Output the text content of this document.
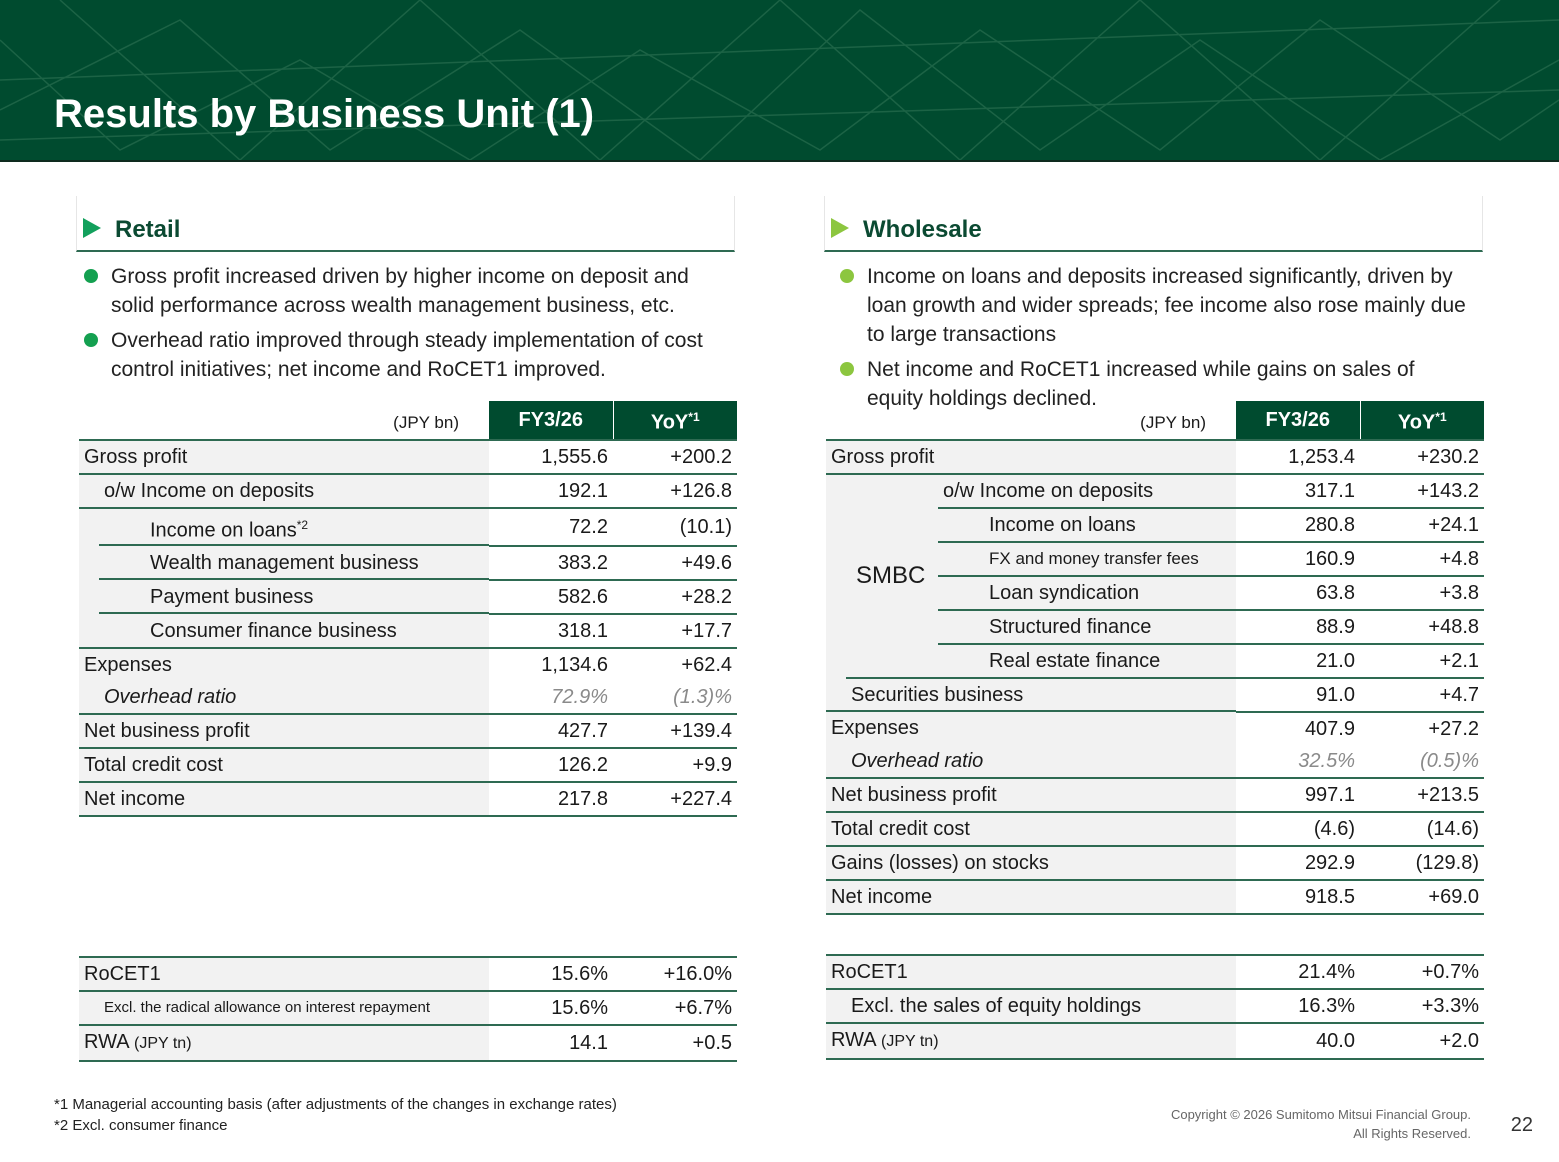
Results by Business Unit (1)
Retail
Gross profit increased driven by higher income on deposit and solid performance across wealth management business, etc.
Overhead ratio improved through steady implementation of cost control initiatives; net income and RoCET1 improved.
(JPY bn)	FY3/26	YoY$^{*1}$
Gross profit	1,555.6	+200.2
o/w Income on deposits	192.1	+126.8
Income on loans$^{*2}$	72.2	(10.1)
Wealth management business	383.2	+49.6
Payment business	582.6	+28.2
Consumer finance business	318.1	+17.7
Expenses	1,134.6	+62.4
Overhead ratio	72.9%	(1.3)%
Net business profit	427.7	+139.4
Total credit cost	126.2	+9.9
Net income	217.8	+227.4
RoCET1	15.6%	+16.0%
Excl. the radical allowance on interest repayment	15.6%	+6.7%
RWA (JPY tn)	14.1	+0.5
Wholesale
Income on loans and deposits increased significantly, driven by loan growth and wider spreads; fee income also rose mainly due to large transactions
Net income and RoCET1 increased while gains on sales of equity holdings declined.
(JPY bn)			FY3/26	YoY$^{*1}$
Gross profit			1,253.4	+230.2
	SMBC	o/w Income on deposits	317.1	+143.2
		Income on loans	280.8	+24.1
		FX and money transfer fees	160.9	+4.8
		Loan syndication	63.8	+3.8
		Structured finance	88.9	+48.8
		Real estate finance	21.0	+2.1
Securities business			91.0	+4.7
Expenses			407.9	+27.2
Overhead ratio			32.5%	(0.5)%
Net business profit			997.1	+213.5
Total credit cost			(4.6)	(14.6)
Gains (losses) on stocks			292.9	(129.8)
Net income			918.5	+69.0
RoCET1	21.4%	+0.7%
Excl. the sales of equity holdings	16.3%	+3.3%
RWA (JPY tn)	40.0	+2.0
*1 Managerial accounting basis (after adjustments of the changes in exchange rates)
*2 Excl. consumer finance
Copyright © 2026 Sumitomo Mitsui Financial Group.
All Rights Reserved. 22
